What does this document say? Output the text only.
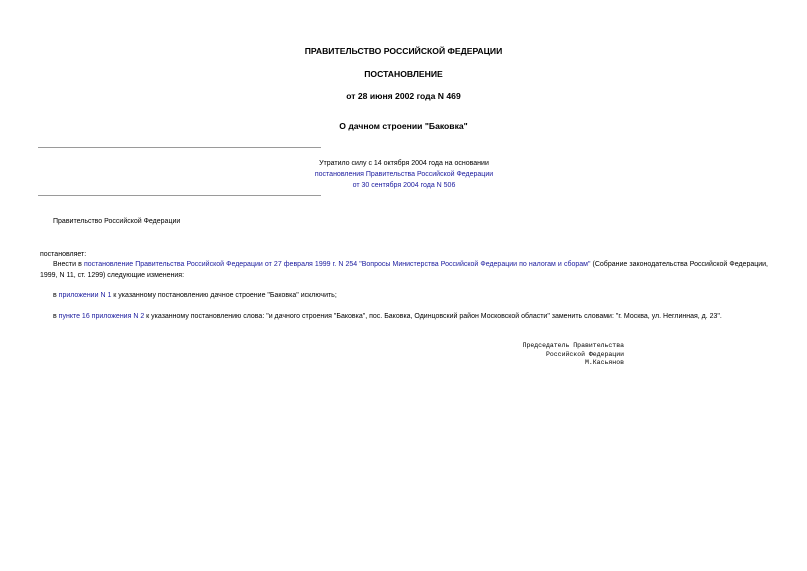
ПРАВИТЕЛЬСТВО РОССИЙСКОЙ ФЕДЕРАЦИИ
ПОСТАНОВЛЕНИЕ
от 28 июня 2002 года N 469
О дачном строении "Баковка"
Утратило силу с 14 октября 2004 года на основании
постановления Правительства Российской Федерации
от 30 сентября 2004 года N 506
Правительство Российской Федерации
постановляет:
Внести в постановление Правительства Российской Федерации от 27 февраля 1999 г. N 254 "Вопросы Министерства Российской Федерации по налогам и сборам" (Собрание законодательства Российской Федерации, 1999, N 11, ст. 1299) следующие изменения:
в приложении N 1 к указанному постановлению дачное строение "Баковка" исключить;
в пункте 16 приложения N 2 к указанному постановлению слова: "и дачного строения "Баковка", пос. Баковка, Одинцовский район Московской области" заменить словами: "г. Москва, ул. Неглинная, д. 23".
Председатель Правительства
Российской Федерации
М.Касьянов
